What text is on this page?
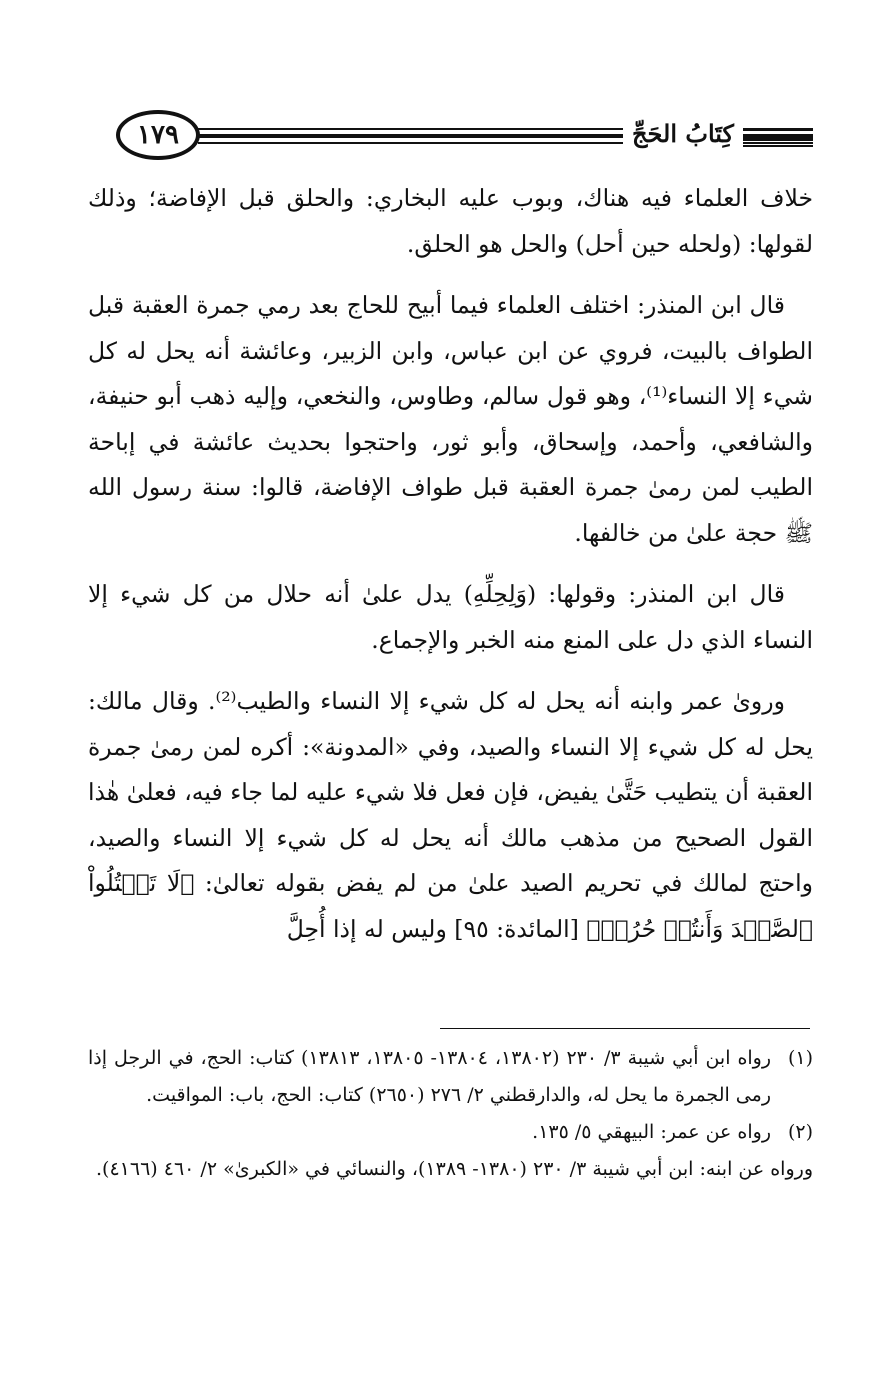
١٧٩	كِتَابُ الحَجِّ

خلاف العلماء فيه هناك، وبوب عليه البخاري: والحلق قبل الإفاضة؛ وذلك لقولها: (ولحله حين أحل) والحل هو الحلق.

قال ابن المنذر: اختلف العلماء فيما أبيح للحاج بعد رمي جمرة العقبة قبل الطواف بالبيت، فروي عن ابن عباس، وابن الزبير، وعائشة أنه يحل له كل شيء إلا النساء⁽¹⁾، وهو قول سالم، وطاوس، والنخعي، وإليه ذهب أبو حنيفة، والشافعي، وأحمد، وإسحاق، وأبو ثور، واحتجوا بحديث عائشة في إباحة الطيب لمن رمىٰ جمرة العقبة قبل طواف الإفاضة، قالوا: سنة رسول الله ﷺ حجة علىٰ من خالفها.

قال ابن المنذر: وقولها: (وَلِحِلِّهِ) يدل علىٰ أنه حلال من كل شيء إلا النساء الذي دل على المنع منه الخبر والإجماع.

ورویٰ عمر وابنه أنه يحل له كل شيء إلا النساء والطيب⁽²⁾. وقال مالك: يحل له كل شيء إلا النساء والصيد، وفي «المدونة»: أكره لمن رمىٰ جمرة العقبة أن يتطيب حَتَّىٰ يفيض، فإن فعل فلا شيء عليه لما جاء فيه، فعلىٰ هٰذا القول الصحيح من مذهب مالك أنه يحل له كل شيء إلا النساء والصيد، واحتج لمالك في تحريم الصيد علىٰ من لم يفض بقوله تعالىٰ: ﴿لَا تَقۡتُلُواْ ٱلصَّيۡدَ وَأَنتُمۡ حُرُمٞ﴾ [المائدة: ٩٥] وليس له إذا أُحِلَّ

(١)
رواه ابن أبي شيبة ٣/ ٢٣٠ (١٣٨٠٢، ١٣٨٠٤- ١٣٨٠٥، ١٣٨١٣) كتاب: الحج، في الرجل إذا رمى الجمرة ما يحل له، والدارقطني ٢/ ٢٧٦ (٢٦٥٠) كتاب: الحج، باب: المواقيت.
(٢)
رواه عن عمر: البيهقي ٥/ ١٣٥.

ورواه عن ابنه: ابن أبي شيبة ٣/ ٢٣٠ (١٣٨٠- ١٣٨٩)، والنسائي في «الكبرىٰ» ٢/ ٤٦٠ (٤١٦٦).
